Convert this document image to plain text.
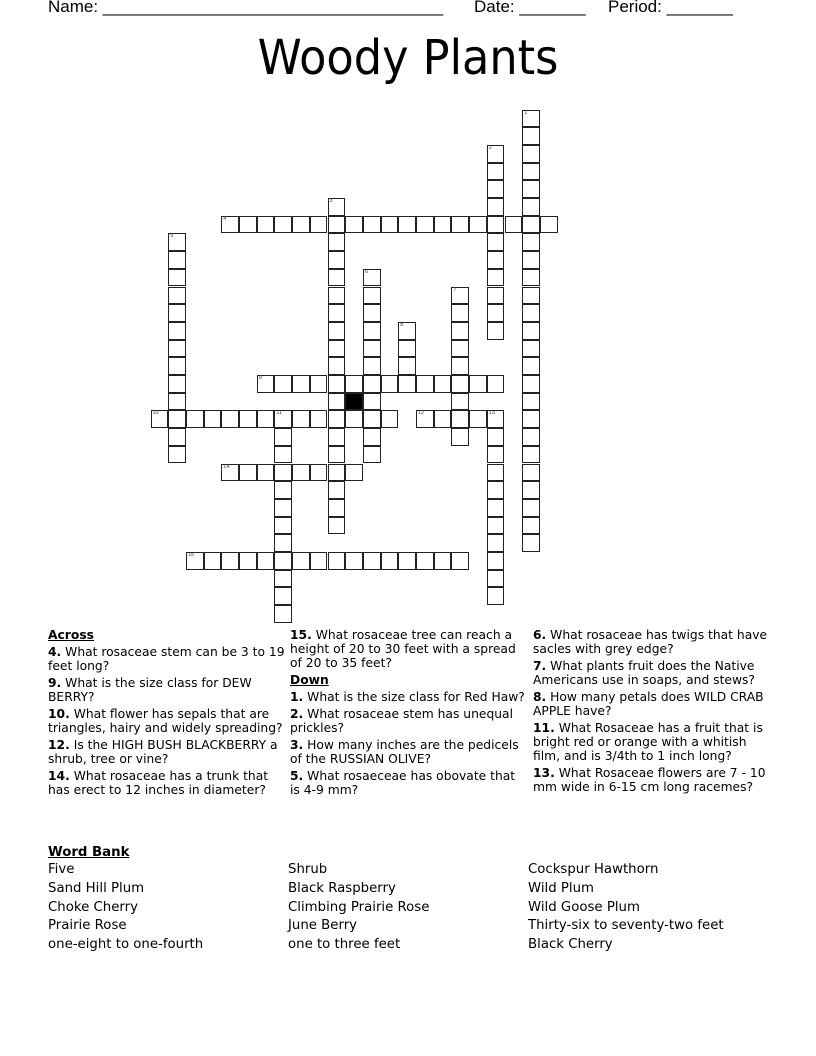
Name: ____________________________________

Date: _______

Period: _______

Woody Plants
1
2
3
4
5
6
7
8
9
10	11	12	13
14
15
Across
4. What rosaceae stem can be 3 to 19 feet long?
9. What is the size class for DEW BERRY?
10. What flower has sepals that are triangles, hairy and widely spreading?
12. Is the HIGH BUSH BLACKBERRY a shrub, tree or vine?
14. What rosaceae has a trunk that has erect to 12 inches in diameter?
15. What rosaceae tree can reach a height of 20 to 30 feet with a spread of 20 to 35 feet?
Down
1. What is the size class for Red Haw?
2. What rosaceae stem has unequal prickles?
3. How many inches are the pedicels of the RUSSIAN OLIVE?
5. What rosaeceae has obovate that is 4-9 mm?
6. What rosaceae has twigs that have sacles with grey edge?
7. What plants fruit does the Native Americans use in soaps, and stews?
8. How many petals does WILD CRAB APPLE have?
11. What Rosaceae has a fruit that is bright red or orange with a whitish film, and is 3/4th to 1 inch long?
13. What Rosaceae flowers are 7 - 10 mm wide in 6-15 cm long racemes?
Word Bank
Five	Shrub	Cockspur Hawthorn
Sand Hill Plum	Black Raspberry	Wild Plum
Choke Cherry	Climbing Prairie Rose	Wild Goose Plum
Prairie Rose	June Berry	Thirty-six to seventy-two feet
one-eight to one-fourth	one to three feet	Black Cherry
